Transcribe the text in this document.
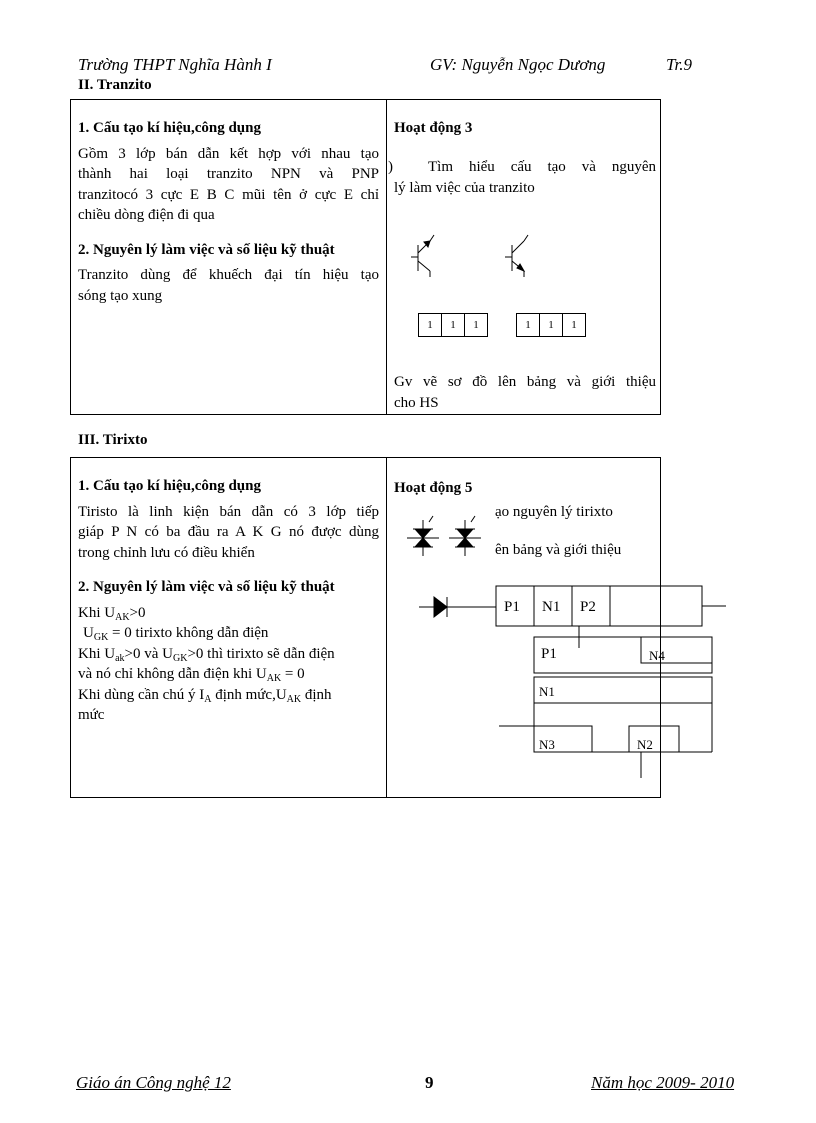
Trường THPT Nghĩa Hành I	GV: Nguyễn Ngọc Dương	Tr.9
II. Tranzito
1. Cấu tạo kí hiệu,công dụng
Gồm 3 lớp bán dẫn kết hợp với nhau tạo
thành hai loại tranzito NPN và PNP
tranzitocó 3 cực E B C mũi tên ở cực E chỉ
chiều dòng điện đi qua
2. Nguyên lý làm việc và số liệu kỹ thuật
Tranzito dùng để khuếch đại tín hiệu tạo
sóng tạo xung
Hoạt động 3
)	Tìm hiểu cấu tạo và nguyên
lý làm việc của tranzito
1	1	1	1	1	1
Gv vẽ sơ đồ lên bảng và giới thiệu
cho HS
III. Tirixto
1. Cấu tạo kí hiệu,công dụng
Tiristo là linh kiện bán dẫn có 3 lớp tiếp
giáp P N có ba đầu ra A K G nó được dùng
trong chỉnh lưu có điều khiển
2. Nguyên lý làm việc và số liệu kỹ thuật
Khi $U_{AK}>0$
$U_{GK} = 0$ tirixto không dẫn điện
Khi $U_{ak}>0$ và $U_{GK}>0$ thì tirixto sẽ dẫn điện
và nó chỉ không dẫn điện khi $U_{AK} = 0$
Khi dùng cần chú ý $I_A$ định $mức,U_{AK}$ định
mức
Hoạt động 5
ạo nguyên lý tirixto
ên bảng và giới thiệu
P1 N1 P2
P1	N4
N1
N3	N2
Giáo án Công nghệ 12	9	Năm học 2009- 2010
